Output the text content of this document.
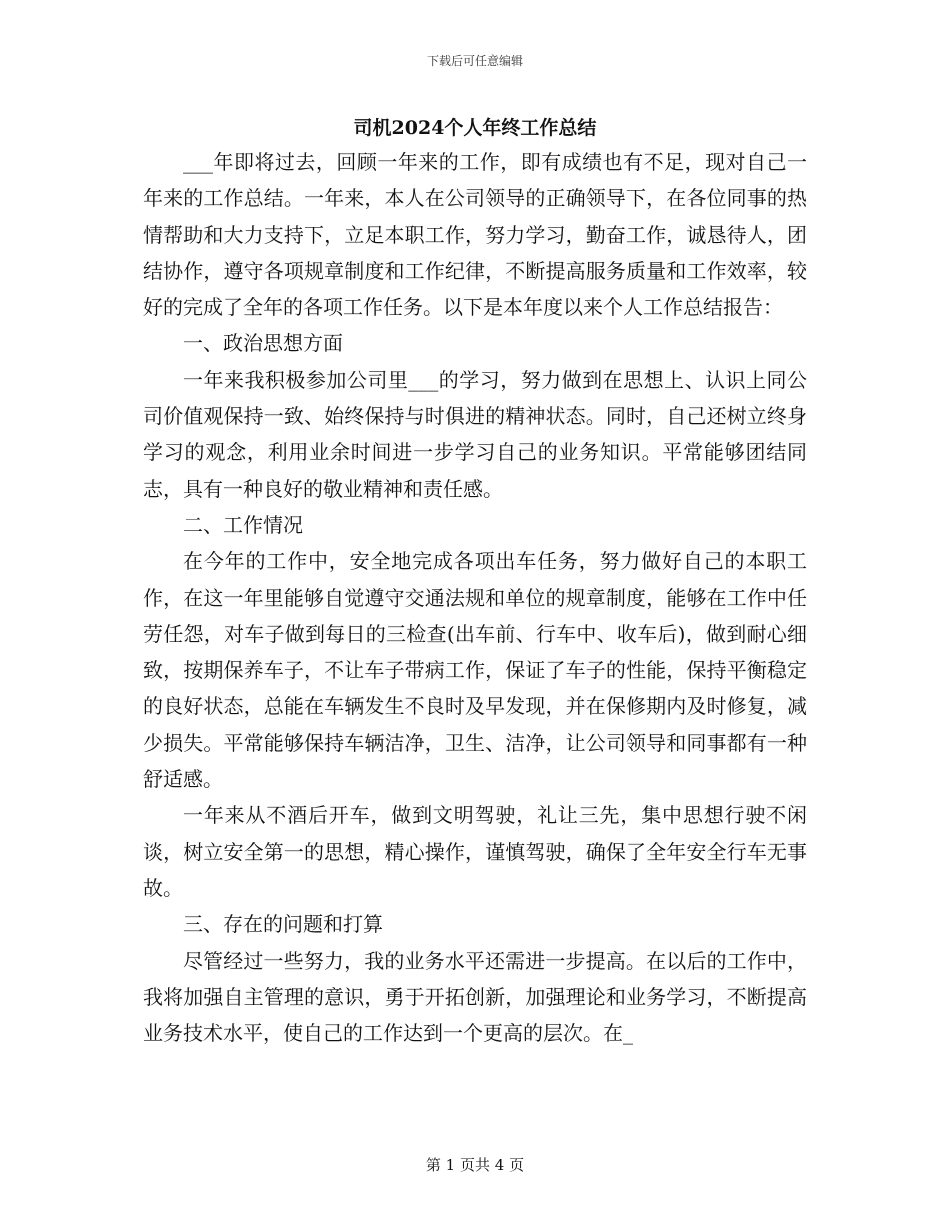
下载后可任意编辑
司机2024个人年终工作总结

___年即将过去，回顾一年来的工作，即有成绩也有不足，现对自己一年来的工作总结。一年来，本人在公司领导的正确领导下，在各位同事的热情帮助和大力支持下，立足本职工作，努力学习，勤奋工作，诚恳待人，团结协作，遵守各项规章制度和工作纪律，不断提高服务质量和工作效率，较好的完成了全年的各项工作任务。以下是本年度以来个人工作总结报告：

一、政治思想方面

一年来我积极参加公司里___的学习，努力做到在思想上、认识上同公司价值观保持一致、始终保持与时俱进的精神状态。同时，自己还树立终身学习的观念，利用业余时间进一步学习自己的业务知识。平常能够团结同志，具有一种良好的敬业精神和责任感。

二、工作情况

在今年的工作中，安全地完成各项出车任务，努力做好自己的本职工作，在这一年里能够自觉遵守交通法规和单位的规章制度，能够在工作中任劳任怨，对车子做到每日的三检查(出车前、行车中、收车后)，做到耐心细致，按期保养车子，不让车子带病工作，保证了车子的性能，保持平衡稳定的良好状态，总能在车辆发生不良时及早发现，并在保修期内及时修复，减少损失。平常能够保持车辆洁净，卫生、洁净，让公司领导和同事都有一种舒适感。

一年来从不酒后开车，做到文明驾驶，礼让三先，集中思想行驶不闲谈，树立安全第一的思想，精心操作，谨慎驾驶，确保了全年安全行车无事故。

三、存在的问题和打算

尽管经过一些努力，我的业务水平还需进一步提高。在以后的工作中，我将加强自主管理的意识，勇于开拓创新，加强理论和业务学习，不断提高业务技术水平，使自己的工作达到一个更高的层次。在_

第 1 页共 4 页
